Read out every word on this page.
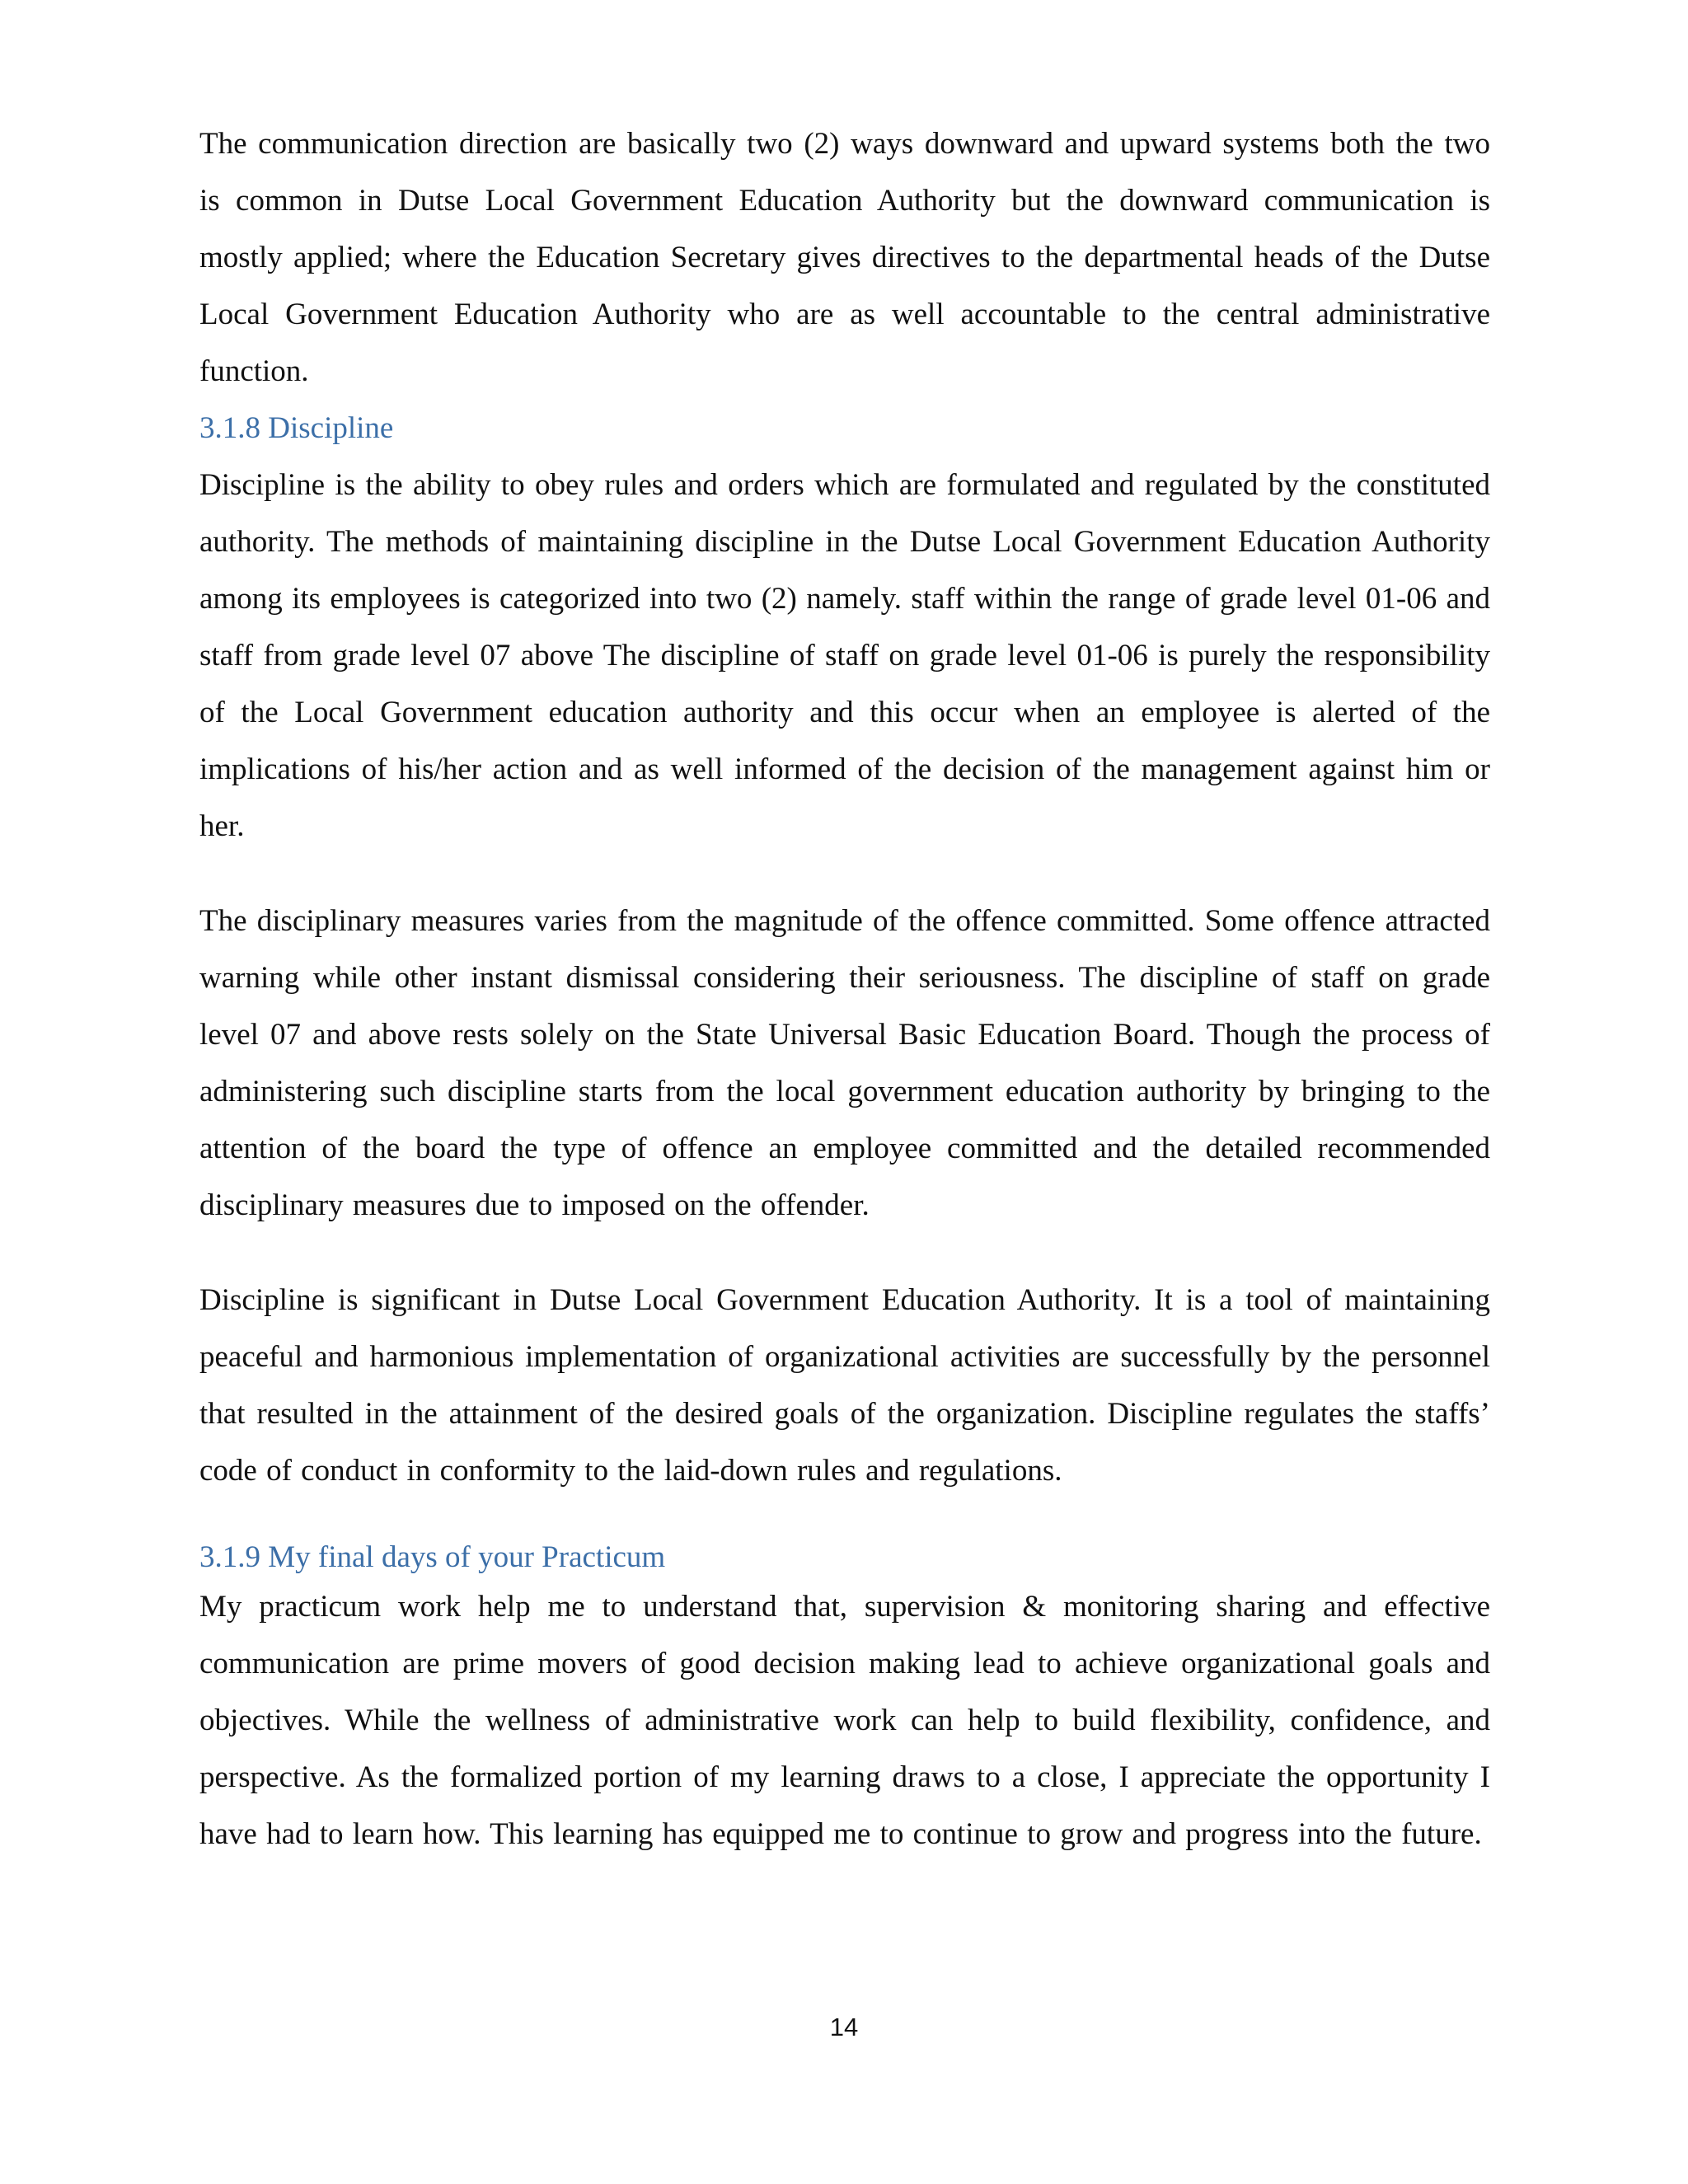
The communication direction are basically two (2) ways downward and upward systems both the two is common in Dutse Local Government Education Authority but the downward communication is mostly applied; where the Education Secretary gives directives to the departmental heads of the Dutse Local Government Education Authority who are as well accountable to the central administrative function.

3.1.8 Discipline

Discipline is the ability to obey rules and orders which are formulated and regulated by the constituted authority. The methods of maintaining discipline in the Dutse Local Government Education Authority among its employees is categorized into two (2) namely. staff within the range of grade level 01-06 and staff from grade level 07 above The discipline of staff on grade level 01-06 is purely the responsibility of the Local Government education authority and this occur when an employee is alerted of the implications of his/her action and as well informed of the decision of the management against him or her.

The disciplinary measures varies from the magnitude of the offence committed. Some offence attracted warning while other instant dismissal considering their seriousness. The discipline of staff on grade level 07 and above rests solely on the State Universal Basic Education Board. Though the process of administering such discipline starts from the local government education authority by bringing to the attention of the board the type of offence an employee committed and the detailed recommended disciplinary measures due to imposed on the offender.

Discipline is significant in Dutse Local Government Education Authority. It is a tool of maintaining peaceful and harmonious implementation of organizational activities are successfully by the personnel that resulted in the attainment of the desired goals of the organization. Discipline regulates the staffs’ code of conduct in conformity to the laid-down rules and regulations.

3.1.9 My final days of your Practicum

My practicum work help me to understand that, supervision & monitoring sharing and effective communication are prime movers of good decision making lead to achieve organizational goals and objectives. While the wellness of administrative work can help to build flexibility, confidence, and perspective. As the formalized portion of my learning draws to a close, I appreciate the opportunity I have had to learn how. This learning has equipped me to continue to grow and progress into the future.

14
